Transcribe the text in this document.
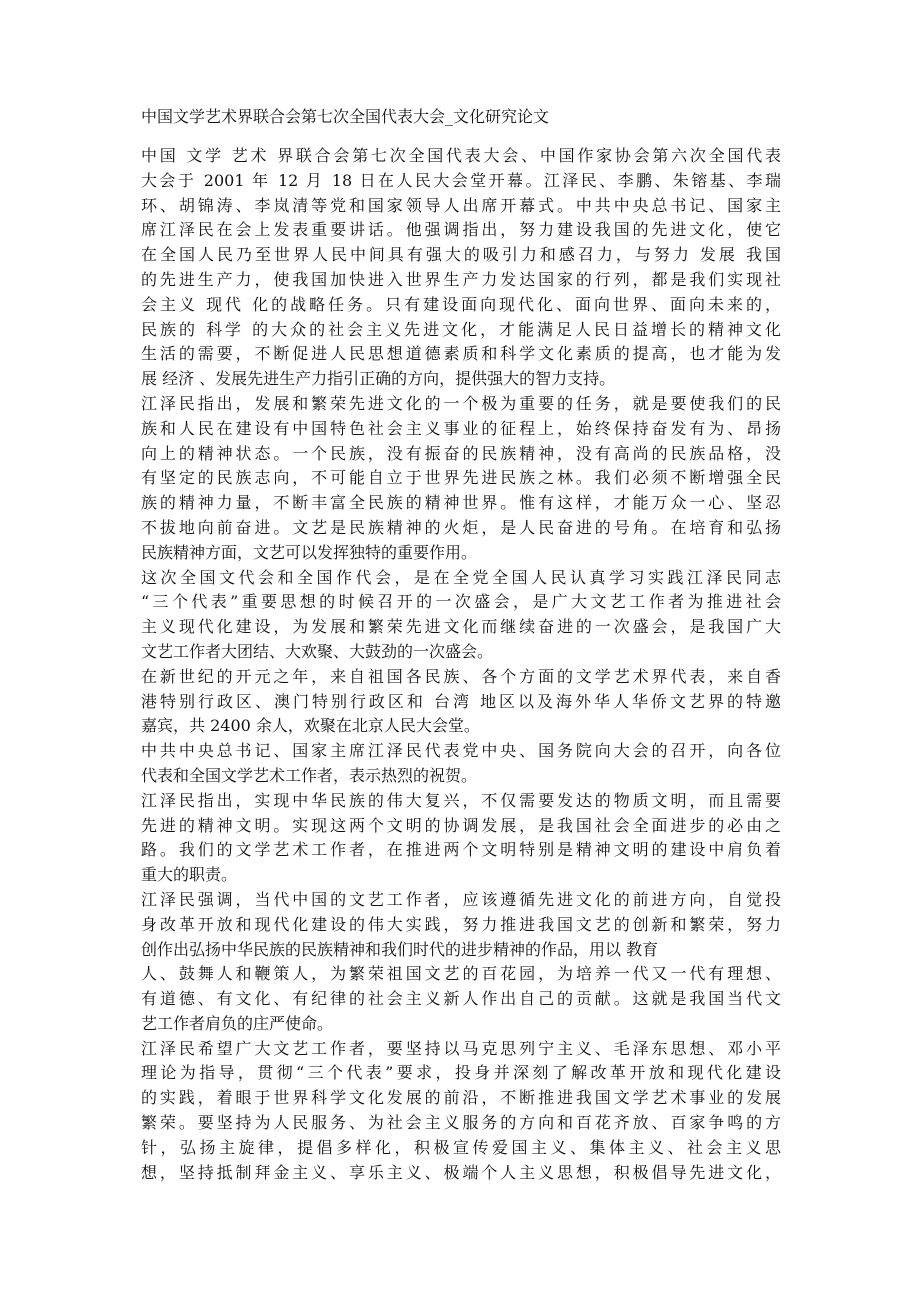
中国文学艺术界联合会第七次全国代表大会_文化研究论文
中国 文学 艺术 界联合会第七次全国代表大会、中国作家协会第六次全国代表
大会于 2001 年 12 月 18 日在人民大会堂开幕。江泽民、李鹏、朱镕基、李瑞
环、胡锦涛、李岚清等党和国家领导人出席开幕式。中共中央总书记、国家主
席江泽民在会上发表重要讲话。他强调指出，努力建设我国的先进文化，使它
在全国人民乃至世界人民中间具有强大的吸引力和感召力，与努力 发展 我国
的先进生产力，使我国加快进入世界生产力发达国家的行列，都是我们实现社
会主义 现代 化的战略任务。只有建设面向现代化、面向世界、面向未来的，
民族的 科学 的大众的社会主义先进文化，才能满足人民日益增长的精神文化
生活的需要，不断促进人民思想道德素质和科学文化素质的提高，也才能为发
展 经济 、发展先进生产力指引正确的方向，提供强大的智力支持。
江泽民指出，发展和繁荣先进文化的一个极为重要的任务，就是要使我们的民
族和人民在建设有中国特色社会主义事业的征程上，始终保持奋发有为、昂扬
向上的精神状态。一个民族，没有振奋的民族精神，没有高尚的民族品格，没
有坚定的民族志向，不可能自立于世界先进民族之林。我们必须不断增强全民
族的精神力量，不断丰富全民族的精神世界。惟有这样，才能万众一心、坚忍
不拔地向前奋进。文艺是民族精神的火炬，是人民奋进的号角。在培育和弘扬
民族精神方面，文艺可以发挥独特的重要作用。
这次全国文代会和全国作代会，是在全党全国人民认真学习实践江泽民同志
“三个代表”重要思想的时候召开的一次盛会，是广大文艺工作者为推进社会
主义现代化建设，为发展和繁荣先进文化而继续奋进的一次盛会，是我国广大
文艺工作者大团结、大欢聚、大鼓劲的一次盛会。
在新世纪的开元之年，来自祖国各民族、各个方面的文学艺术界代表，来自香
港特别行政区、澳门特别行政区和 台湾 地区以及海外华人华侨文艺界的特邀
嘉宾，共 2400 余人，欢聚在北京人民大会堂。
中共中央总书记、国家主席江泽民代表党中央、国务院向大会的召开，向各位
代表和全国文学艺术工作者，表示热烈的祝贺。
江泽民指出，实现中华民族的伟大复兴，不仅需要发达的物质文明，而且需要
先进的精神文明。实现这两个文明的协调发展，是我国社会全面进步的必由之
路。我们的文学艺术工作者，在推进两个文明特别是精神文明的建设中肩负着
重大的职责。
江泽民强调，当代中国的文艺工作者，应该遵循先进文化的前进方向，自觉投
身改革开放和现代化建设的伟大实践，努力推进我国文艺的创新和繁荣，努力
创作出弘扬中华民族的民族精神和我们时代的进步精神的作品，用以 教育
人、鼓舞人和鞭策人，为繁荣祖国文艺的百花园，为培养一代又一代有理想、
有道德、有文化、有纪律的社会主义新人作出自己的贡献。这就是我国当代文
艺工作者肩负的庄严使命。
江泽民希望广大文艺工作者，要坚持以马克思列宁主义、毛泽东思想、邓小平
理论为指导，贯彻“三个代表”要求，投身并深刻了解改革开放和现代化建设
的实践，着眼于世界科学文化发展的前沿，不断推进我国文学艺术事业的发展
繁荣。要坚持为人民服务、为社会主义服务的方向和百花齐放、百家争鸣的方
针，弘扬主旋律，提倡多样化，积极宣传爱国主义、集体主义、社会主义思
想，坚持抵制拜金主义、享乐主义、极端个人主义思想，积极倡导先进文化，
